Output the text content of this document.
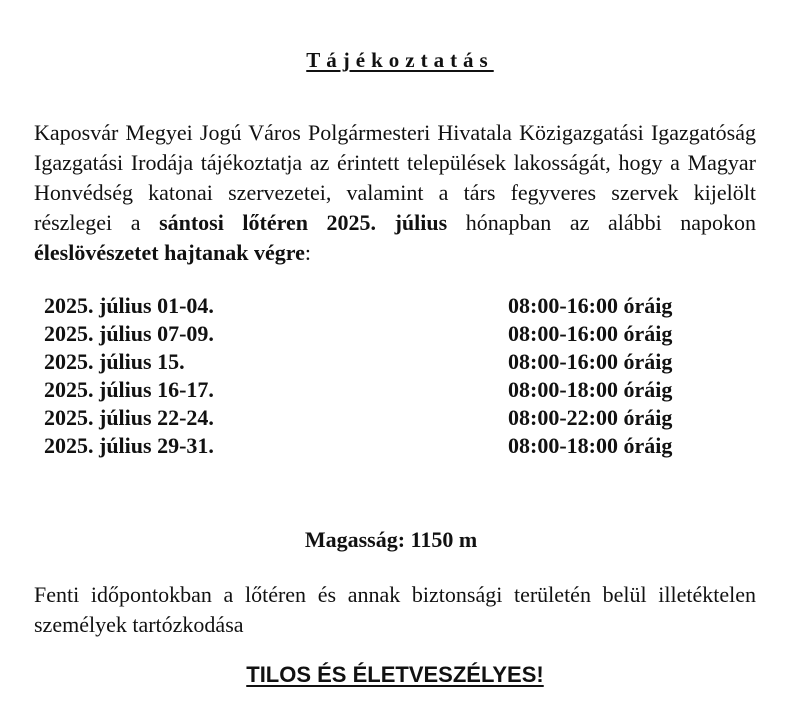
Tájékoztatás
Kaposvár Megyei Jogú Város Polgármesteri Hivatala Közigazgatási Igazgatóság Igazgatási Irodája tájékoztatja az érintett települések lakosságát, hogy a Magyar Honvédség katonai szervezetei, valamint a társ fegyveres szervek kijelölt részlegei a sántosi lőtéren 2025. július hónapban az alábbi napokon éleslövészetet hajtanak végre:
2025. július 01-04.	08:00-16:00 óráig
2025. július 07-09.	08:00-16:00 óráig
2025. július 15.	08:00-16:00 óráig
2025. július 16-17.	08:00-18:00 óráig
2025. július 22-24.	08:00-22:00 óráig
2025. július 29-31.	08:00-18:00 óráig
Magasság: 1150 m
Fenti időpontokban a lőtéren és annak biztonsági területén belül illetéktelen személyek tartózkodása
TILOS ÉS ÉLETVESZÉLYES!
